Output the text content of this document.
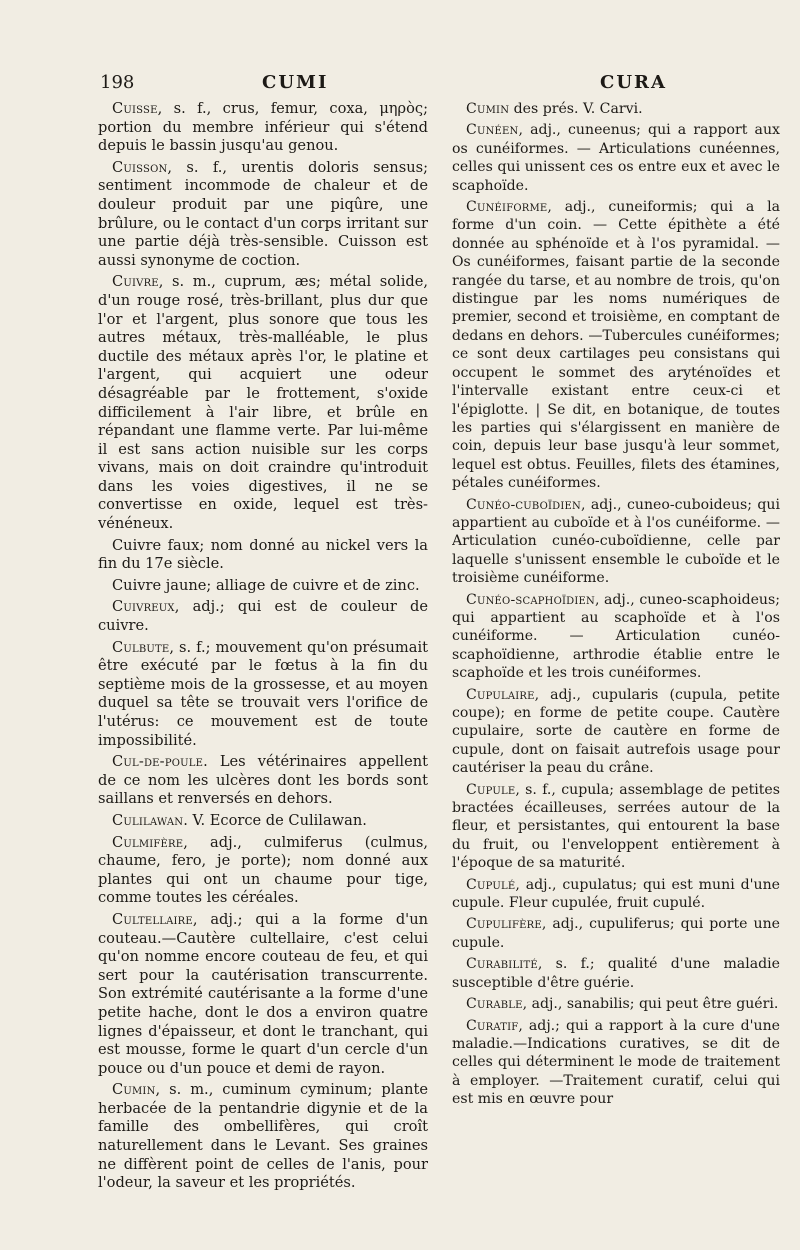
198	CUMI	CURA

Cuisse, s. f., crus, femur, coxa, μηρὸς; portion du membre inférieur qui s'étend depuis le bassin jusqu'au genou.

Cuisson, s. f., urentis doloris sensus; sentiment incommode de chaleur et de douleur produit par une piqûre, une brûlure, ou le contact d'un corps irritant sur une partie déjà très-sensible. Cuisson est aussi synonyme de coction.

Cuivre, s. m., cuprum, æs; métal solide, d'un rouge rosé, très-brillant, plus dur que l'or et l'argent, plus sonore que tous les autres métaux, très-malléable, le plus ductile des métaux après l'or, le platine et l'argent, qui acquiert une odeur désagréable par le frottement, s'oxide difficilement à l'air libre, et brûle en répandant une flamme verte. Par lui-même il est sans action nuisible sur les corps vivans, mais on doit craindre qu'introduit dans les voies digestives, il ne se convertisse en oxide, lequel est très-vénéneux.

Cuivre faux; nom donné au nickel vers la fin du 17e siècle.

Cuivre jaune; alliage de cuivre et de zinc.

Cuivreux, adj.; qui est de couleur de cuivre.

Culbute, s. f.; mouvement qu'on présumait être exécuté par le fœtus à la fin du septième mois de la grossesse, et au moyen duquel sa tête se trouvait vers l'orifice de l'utérus: ce mouvement est de toute impossibilité.

Cul-de-poule. Les vétérinaires appellent de ce nom les ulcères dont les bords sont saillans et renversés en dehors.

Culilawan. V. Ecorce de Culilawan.

Culmifère, adj., culmiferus (culmus, chaume, fero, je porte); nom donné aux plantes qui ont un chaume pour tige, comme toutes les céréales.

Cultellaire, adj.; qui a la forme d'un couteau.—Cautère cultellaire, c'est celui qu'on nomme encore couteau de feu, et qui sert pour la cautérisation transcurrente. Son extrémité cautérisante a la forme d'une petite hache, dont le dos a environ quatre lignes d'épaisseur, et dont le tranchant, qui est mousse, forme le quart d'un cercle d'un pouce ou d'un pouce et demi de rayon.

Cumin, s. m., cuminum cyminum; plante herbacée de la pentandrie digynie et de la famille des ombellifères, qui croît naturellement dans le Levant. Ses graines ne diffèrent point de celles de l'anis, pour l'odeur, la saveur et les propriétés.

Cumin des prés. V. Carvi.

Cunéen, adj., cuneenus; qui a rapport aux os cunéiformes. — Articulations cunéennes, celles qui unissent ces os entre eux et avec le scaphoïde.

Cunéiforme, adj., cuneiformis; qui a la forme d'un coin. — Cette épithète a été donnée au sphénoïde et à l'os pyramidal. — Os cunéiformes, faisant partie de la seconde rangée du tarse, et au nombre de trois, qu'on distingue par les noms numériques de premier, second et troisième, en comptant de dedans en dehors. —Tubercules cunéiformes; ce sont deux cartilages peu consistans qui occupent le sommet des aryténoïdes et l'intervalle existant entre ceux-ci et l'épiglotte. | Se dit, en botanique, de toutes les parties qui s'élargissent en manière de coin, depuis leur base jusqu'à leur sommet, lequel est obtus. Feuilles, filets des étamines, pétales cunéiformes.

Cunéo-cuboïdien, adj., cuneo-cuboideus; qui appartient au cuboïde et à l'os cunéiforme. — Articulation cunéo-cuboïdienne, celle par laquelle s'unissent ensemble le cuboïde et le troisième cunéiforme.

Cunéo-scaphoïdien, adj., cuneo-scaphoideus; qui appartient au scaphoïde et à l'os cunéiforme. — Articulation cunéo-scaphoïdienne, arthrodie établie entre le scaphoïde et les trois cunéiformes.

Cupulaire, adj., cupularis (cupula, petite coupe); en forme de petite coupe. Cautère cupulaire, sorte de cautère en forme de cupule, dont on faisait autrefois usage pour cautériser la peau du crâne.

Cupule, s. f., cupula; assemblage de petites bractées écailleuses, serrées autour de la fleur, et persistantes, qui entourent la base du fruit, ou l'enveloppent entièrement à l'époque de sa maturité.

Cupulé, adj., cupulatus; qui est muni d'une cupule. Fleur cupulée, fruit cupulé.

Cupulifère, adj., cupuliferus; qui porte une cupule.

Curabilité, s. f.; qualité d'une maladie susceptible d'être guérie.

Curable, adj., sanabilis; qui peut être guéri.

Curatif, adj.; qui a rapport à la cure d'une maladie.—Indications curatives, se dit de celles qui déterminent le mode de traitement à employer. —Traitement curatif, celui qui est mis en œuvre pour
